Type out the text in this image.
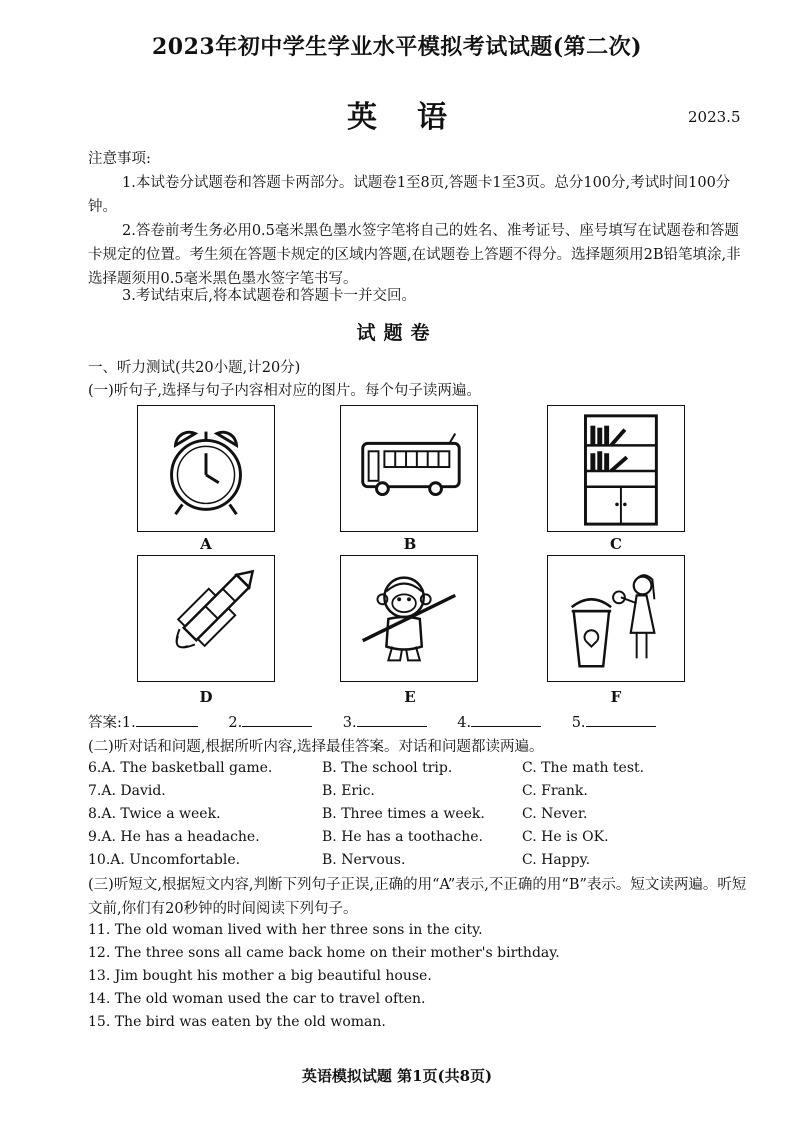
2023年初中学生学业水平模拟考试试题(第二次)
英语	2023.5
注意事项:
1.本试卷分试题卷和答题卡两部分。试题卷1至8页,答题卡1至3页。总分100分,考试时间100分钟。
2.答卷前考生务必用0.5毫米黑色墨水签字笔将自己的姓名、准考证号、座号填写在试题卷和答题卡规定的位置。考生须在答题卡规定的区域内答题,在试题卷上答题不得分。选择题须用2B铅笔填涂,非选择题须用0.5毫米黑色墨水签字笔书写。
3.考试结束后,将本试题卷和答题卡一并交回。
试题卷
一、听力测试(共20小题,计20分)
(一)听句子,选择与句子内容相对应的图片。每个句子读两遍。
A	B	C
D	E	F
答案:1.	2.	3.	4.	5.
(二)听对话和问题,根据所听内容,选择最佳答案。对话和问题都读两遍。
6.A. The basketball game.	B. The school trip.	C. The math test.
7.A. David.	B. Eric.	C. Frank.
8.A. Twice a week.	B. Three times a week.	C. Never.
9.A. He has a headache.	B. He has a toothache.	C. He is OK.
10.A. Uncomfortable.	B. Nervous.	C. Happy.
(三)听短文,根据短文内容,判断下列句子正误,正确的用“A”表示,不正确的用“B”表示。短文读两遍。听短文前,你们有20秒钟的时间阅读下列句子。
11. The old woman lived with her three sons in the city.
12. The three sons all came back home on their mother's birthday.
13. Jim bought his mother a big beautiful house.
14. The old woman used the car to travel often.
15. The bird was eaten by the old woman.
英语模拟试题 第1页(共8页)
